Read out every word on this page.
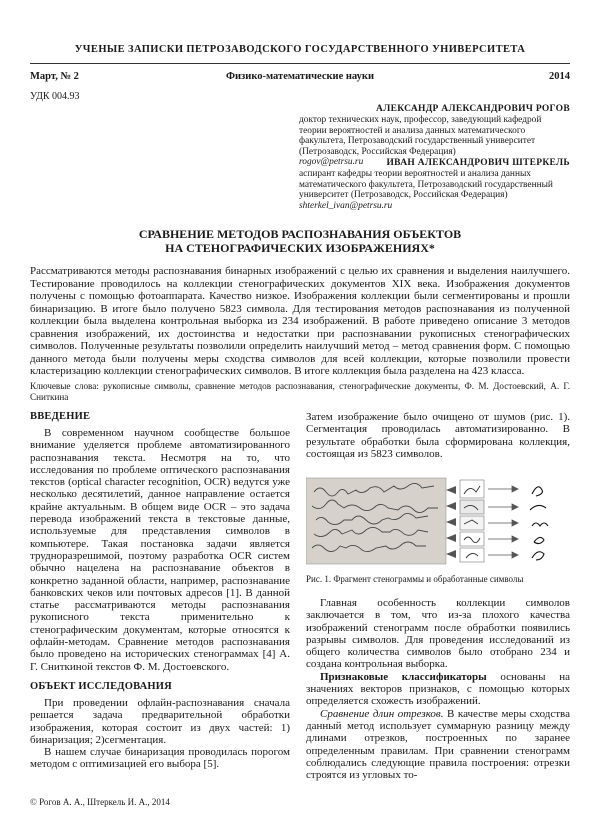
УЧЕНЫЕ ЗАПИСКИ ПЕТРОЗАВОДСКОГО ГОСУДАРСТВЕННОГО УНИВЕРСИТЕТА
Март, № 2	Физико-математические науки	2014
УДК 004.93
АЛЕКСАНДР АЛЕКСАНДРОВИЧ РОГОВ
доктор технических наук, профессор, заведующий кафедрой теории вероятностей и анализа данных математического факультета, Петрозаводский государственный университет (Петрозаводск, Российская Федерация)
rogov@petrsu.ru	ИВАН АЛЕКСАНДРОВИЧ ШТЕРКЕЛЬ
аспирант кафедры теории вероятностей и анализа данных математического факультета, Петрозаводский государственный университет (Петрозаводск, Российская Федерация)
shterkel_ivan@petrsu.ru
СРАВНЕНИЕ МЕТОДОВ РАСПОЗНАВАНИЯ ОБЪЕКТОВ
НА СТЕНОГРАФИЧЕСКИХ ИЗОБРАЖЕНИЯХ*
Рассматриваются методы распознавания бинарных изображений с целью их сравнения и выделения наилучшего. Тестирование проводилось на коллекции стенографических документов XIX века. Изображения документов получены с помощью фотоаппарата. Качество низкое. Изображения коллекции были сегментированы и прошли бинаризацию. В итоге было получено 5823 символа. Для тестирования методов распознавания из полученной коллекции была выделена контрольная выборка из 234 изображений. В работе приведено описание 3 методов сравнения изображений, их достоинства и недостатки при распознавании рукописных стенографических символов. Полученные результаты позволили определить наилучший метод – метод сравнения форм. С помощью данного метода были получены меры сходства символов для всей коллекции, которые позволили провести кластеризацию коллекции стенографических символов. В итоге коллекция была разделена на 423 класса.
Ключевые слова: рукописные символы, сравнение методов распознавания, стенографические документы, Ф. М. Достоевский, А. Г. Сниткина
ВВЕДЕНИЕ

В современном научном сообществе большое внимание уделяется проблеме автоматизированного распознавания текста. Несмотря на то, что исследования по проблеме оптического распознавания текстов (optical character recognition, OCR) ведутся уже несколько десятилетий, данное направление остается крайне актуальным. В общем виде OCR – это задача перевода изображений текста в текстовые данные, используемые для представления символов в компьютере. Такая постановка задачи является трудноразрешимой, поэтому разработка OCR систем обычно нацелена на распознавание объектов в конкретно заданной области, например, распознавание банковских чеков или почтовых адресов [1]. В данной статье рассматриваются методы распознавания рукописного текста применительно к стенографическим документам, которые относятся к офлайн-методам. Сравнение методов распознавания было проведено на исторических стенограммах [4] А. Г. Сниткиной текстов Ф. М. Достоевского.

ОБЪЕКТ ИССЛЕДОВАНИЯ

При проведении офлайн-распознавания сначала решается задача предварительной обработки изображения, которая состоит из двух частей: 1) бинаризация; 2)сегментация.

В нашем случае бинаризация проводилась порогом методом с оптимизацией его выбора [5].

Затем изображение было очищено от шумов (рис. 1). Сегментация проводилась автоматизированно. В результате обработки была сформирована коллекция, состоящая из 5823 символов.

Рис. 1. Фрагмент стенограммы и обработанные символы

Главная особенность коллекции символов заключается в том, что из-за плохого качества изображений стенограмм после обработки появились разрывы символов. Для проведения исследований из общего количества символов было отобрано 234 и создана контрольная выборка.

Признаковые классификаторы основаны на значениях векторов признаков, с помощью которых определяется схожесть изображений.

Сравнение длин отрезков. В качестве меры сходства данный метод использует суммарную разницу между длинами отрезков, построенных по заранее определенным правилам. При сравнении стенограмм соблюдались следующие правила построения: отрезки строятся из угловых то-

© Рогов А. А., Штеркель И. А., 2014
